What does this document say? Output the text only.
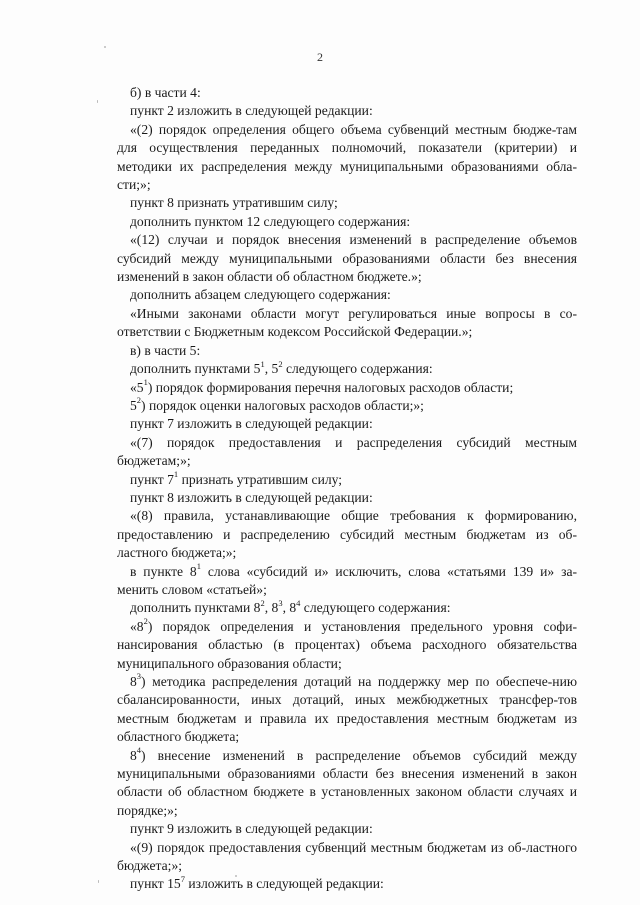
2

б) в части 4:

пункт 2 изложить в следующей редакции:

«(2) порядок определения общего объема субвенций местным бюдже-там для осуществления переданных полномочий, показатели (критерии) и методики их распределения между муниципальными образованиями обла-сти;»;

пункт 8 признать утратившим силу;

дополнить пунктом 12 следующего содержания:

«(12) случаи и порядок внесения изменений в распределение объемов субсидий между муниципальными образованиями области без внесения изменений в закон области об областном бюджете.»;

дополнить абзацем следующего содержания:

«Иными законами области могут регулироваться иные вопросы в со-ответствии с Бюджетным кодексом Российской Федерации.»;

в) в части 5:

дополнить пунктами $5^1$, $5^2$ следующего содержания:

«$5^1$) порядок формирования перечня налоговых расходов области;

$5^2$) порядок оценки налоговых расходов области;»;

пункт 7 изложить в следующей редакции:

«(7) порядок предоставления и распределения субсидий местным бюджетам;»;

пункт $7^1$ признать утратившим силу;

пункт 8 изложить в следующей редакции:

«(8) правила, устанавливающие общие требования к формированию, предоставлению и распределению субсидий местным бюджетам из об-ластного бюджета;»;

в пункте $8^1$ слова «субсидий и» исключить, слова «статьями 139 и» за-менить словом «статьей»;

дополнить пунктами $8^2$, $8^3$, $8^4$ следующего содержания:

«$8^2$) порядок определения и установления предельного уровня софи-нансирования областью (в процентах) объема расходного обязательства муниципального образования области;

$8^3$) методика распределения дотаций на поддержку мер по обеспече-нию сбалансированности, иных дотаций, иных межбюджетных трансфер-тов местным бюджетам и правила их предоставления местным бюджетам из областного бюджета;

$8^4$) внесение изменений в распределение объемов субсидий между муниципальными образованиями области без внесения изменений в закон области об областном бюджете в установленных законом области случаях и порядке;»;

пункт 9 изложить в следующей редакции:

«(9) порядок предоставления субвенций местным бюджетам из об-ластного бюджета;»;

пункт $15^7$ изложить в следующей редакции:
